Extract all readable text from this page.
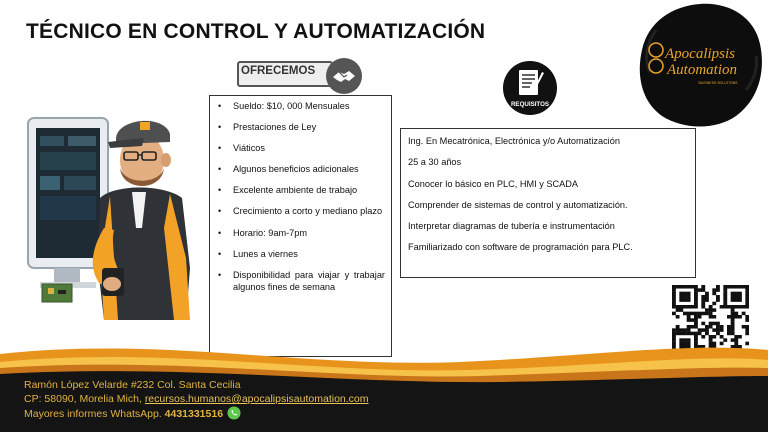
TÉCNICO EN CONTROL Y AUTOMATIZACIÓN
Apocalipsis
Automation
BUSINESS SOLUTIONS
OFRECEMOS
REQUISITOS
• Sueldo: $10, 000 Mensuales
• Prestaciones de Ley
• Viáticos
• Algunos beneficios adicionales
• Excelente ambiente de trabajo
• Crecimiento a corto y mediano plazo
• Horario: 9am-7pm
• Lunes a viernes
• Disponibilidad para viajar y trabajar algunos fines de semana
Ing. En Mecatrónica, Electrónica y/o Automatización
25 a 30 años
Conocer lo básico en PLC, HMI y SCADA
Comprender de sistemas de control y automatización.
Interpretar diagramas de tubería e instrumentación
Familiarizado con software de programación para PLC.
Ramón López Velarde #232 Col. Santa Cecilia
CP: 58090, Morelia Mich, recursos.humanos@apocalipsisautomation.com
Mayores informes WhatsApp. 4431331516
